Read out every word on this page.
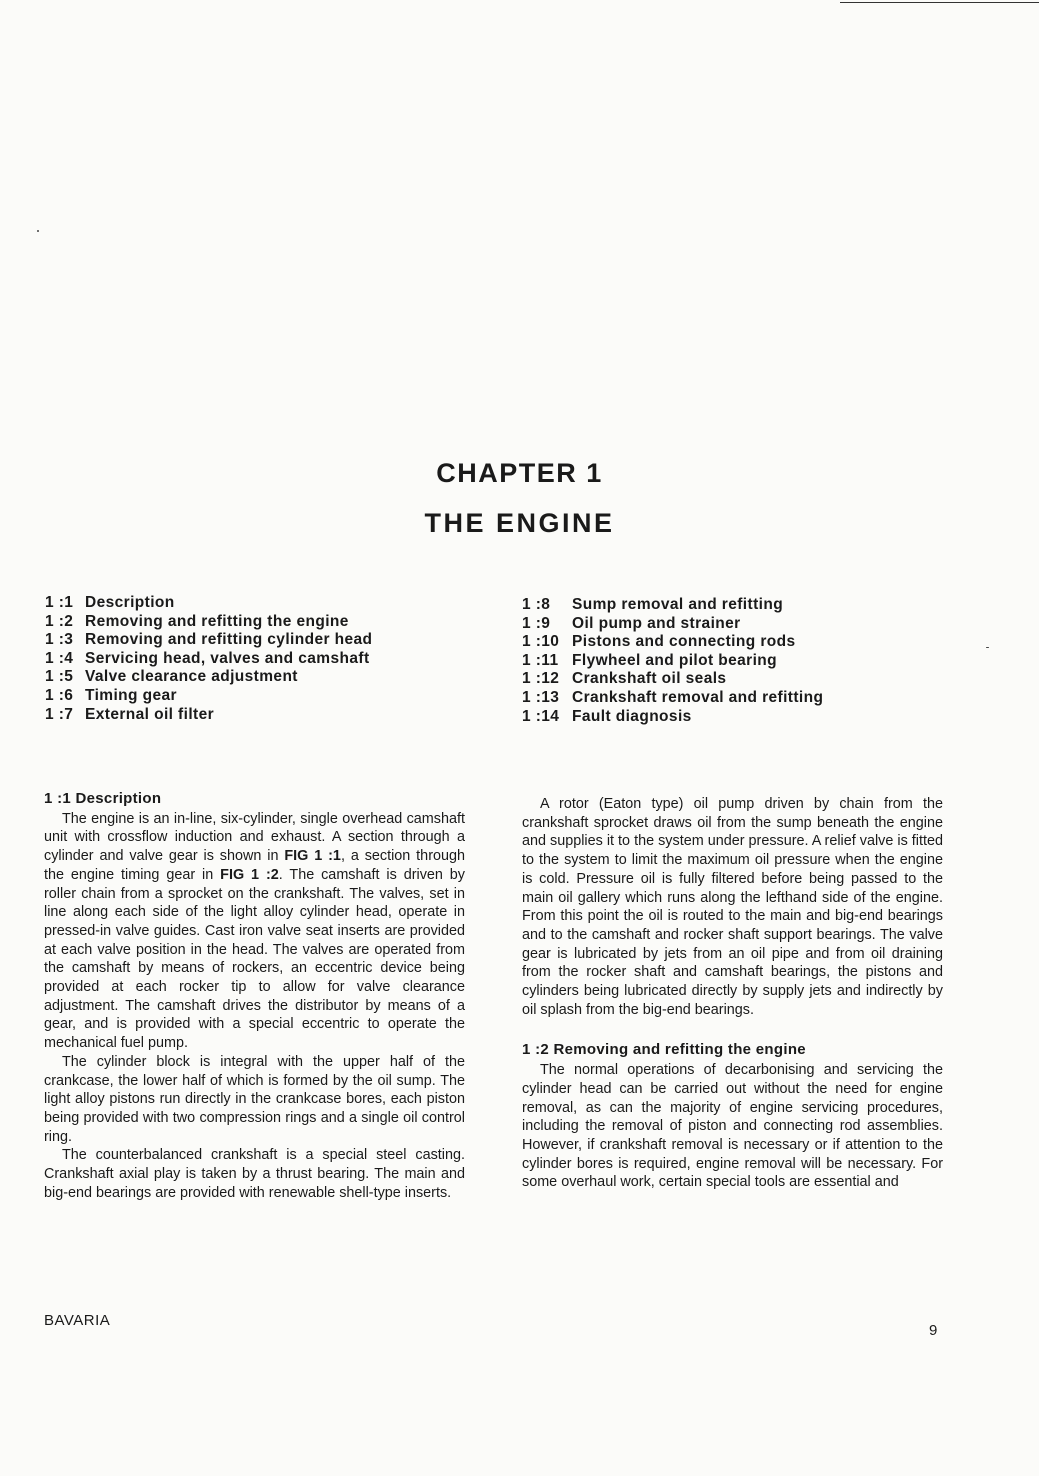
CHAPTER 1
THE ENGINE
1 :1 Description
1 :2 Removing and refitting the engine
1 :3 Removing and refitting cylinder head
1 :4 Servicing head, valves and camshaft
1 :5 Valve clearance adjustment
1 :6 Timing gear
1 :7 External oil filter
1 :8 Sump removal and refitting
1 :9 Oil pump and strainer
1 :10 Pistons and connecting rods
1 :11 Flywheel and pilot bearing
1 :12 Crankshaft oil seals
1 :13 Crankshaft removal and refitting
1 :14 Fault diagnosis
1 :1 Description

The engine is an in-line, six-cylinder, single overhead camshaft unit with crossflow induction and exhaust. A section through a cylinder and valve gear is shown in FIG 1 :1, a section through the engine timing gear in FIG 1 :2. The camshaft is driven by roller chain from a sprocket on the crankshaft. The valves, set in line along each side of the light alloy cylinder head, operate in pressed-in valve guides. Cast iron valve seat inserts are provided at each valve position in the head. The valves are operated from the camshaft by means of rockers, an eccentric device being provided at each rocker tip to allow for valve clearance adjustment. The camshaft drives the distributor by means of a gear, and is provided with a special eccentric to operate the mechanical fuel pump.

The cylinder block is integral with the upper half of the crankcase, the lower half of which is formed by the oil sump. The light alloy pistons run directly in the crankcase bores, each piston being provided with two compression rings and a single oil control ring.

The counterbalanced crankshaft is a special steel casting. Crankshaft axial play is taken by a thrust bearing. The main and big-end bearings are provided with renewable shell-type inserts.

A rotor (Eaton type) oil pump driven by chain from the crankshaft sprocket draws oil from the sump beneath the engine and supplies it to the system under pressure. A relief valve is fitted to the system to limit the maximum oil pressure when the engine is cold. Pressure oil is fully filtered before being passed to the main oil gallery which runs along the lefthand side of the engine. From this point the oil is routed to the main and big-end bearings and to the camshaft and rocker shaft support bearings. The valve gear is lubricated by jets from an oil pipe and from oil draining from the rocker shaft and camshaft bearings, the pistons and cylinders being lubricated directly by supply jets and indirectly by oil splash from the big-end bearings.

1 :2 Removing and refitting the engine

The normal operations of decarbonising and servicing the cylinder head can be carried out without the need for engine removal, as can the majority of engine servicing procedures, including the removal of piston and connecting rod assemblies. However, if crankshaft removal is necessary or if attention to the cylinder bores is required, engine removal will be necessary. For some overhaul work, certain special tools are essential and

BAVARIA
9
